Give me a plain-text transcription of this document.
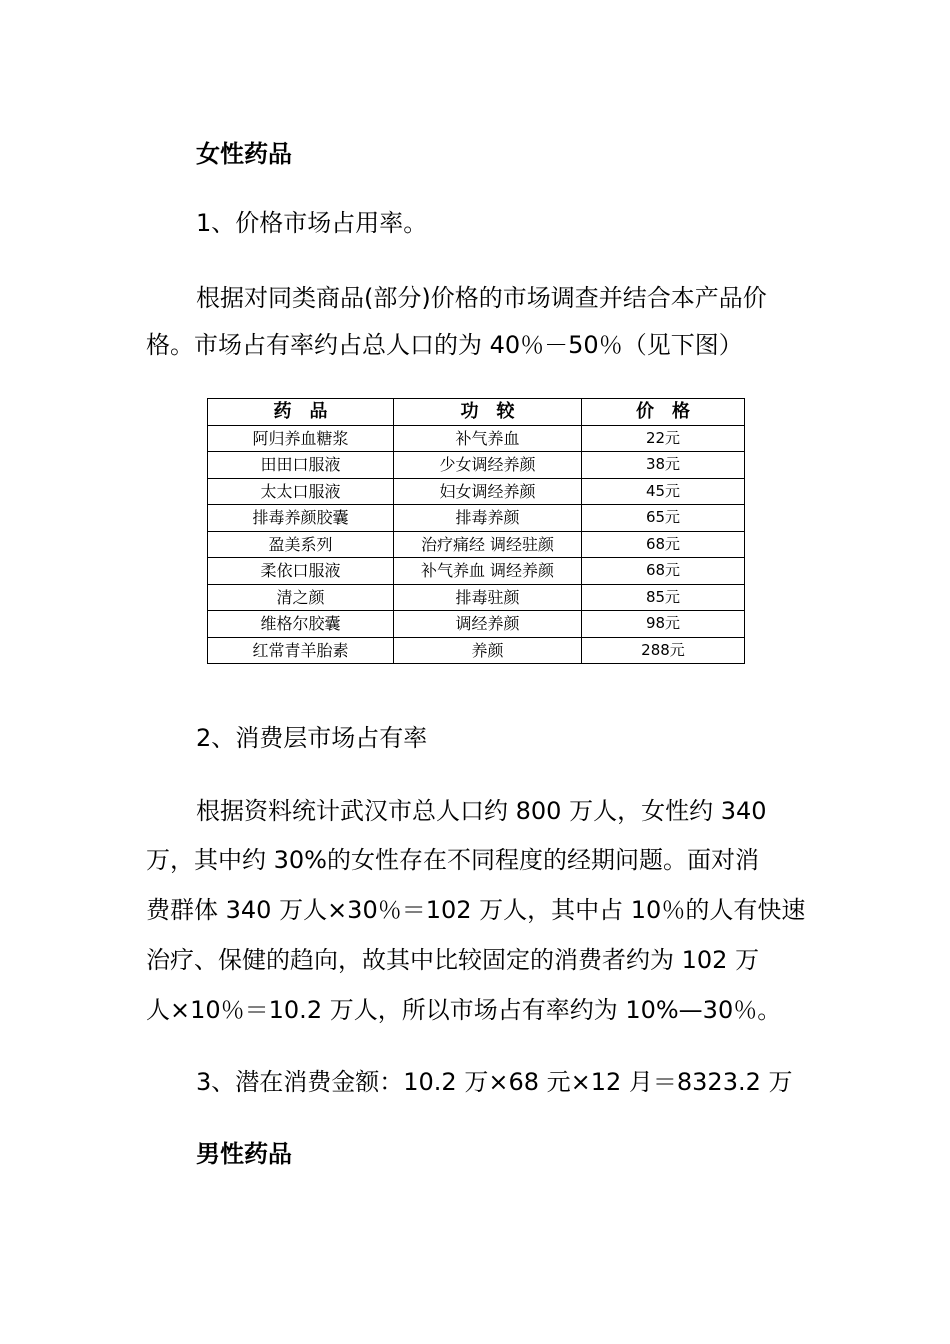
女性药品
1、价格市场占用率。
根据对同类商品(部分)价格的市场调查并结合本产品价
格。市场占有率约占总人口的为 40％－50％（见下图）
药　品	功　较	价　格
阿归养血糖浆	补气养血	22元
田田口服液	少女调经养颜	38元
太太口服液	妇女调经养颜	45元
排毒养颜胶囊	排毒养颜	65元
盈美系列	治疗痛经 调经驻颜	68元
柔依口服液	补气养血 调经养颜	68元
清之颜	排毒驻颜	85元
维格尔胶囊	调经养颜	98元
红常青羊胎素	养颜	288元
2、消费层市场占有率
根据资料统计武汉市总人口约 800 万人，女性约 340
万，其中约 30%的女性存在不同程度的经期问题。面对消
费群体 340 万人×30％＝102 万人，其中占 10％的人有快速
治疗、保健的趋向，故其中比较固定的消费者约为 102 万
人×10％＝10.2 万人，所以市场占有率约为 10%—30％。
3、潜在消费金额：10.2 万×68 元×12 月＝8323.2 万
男性药品
